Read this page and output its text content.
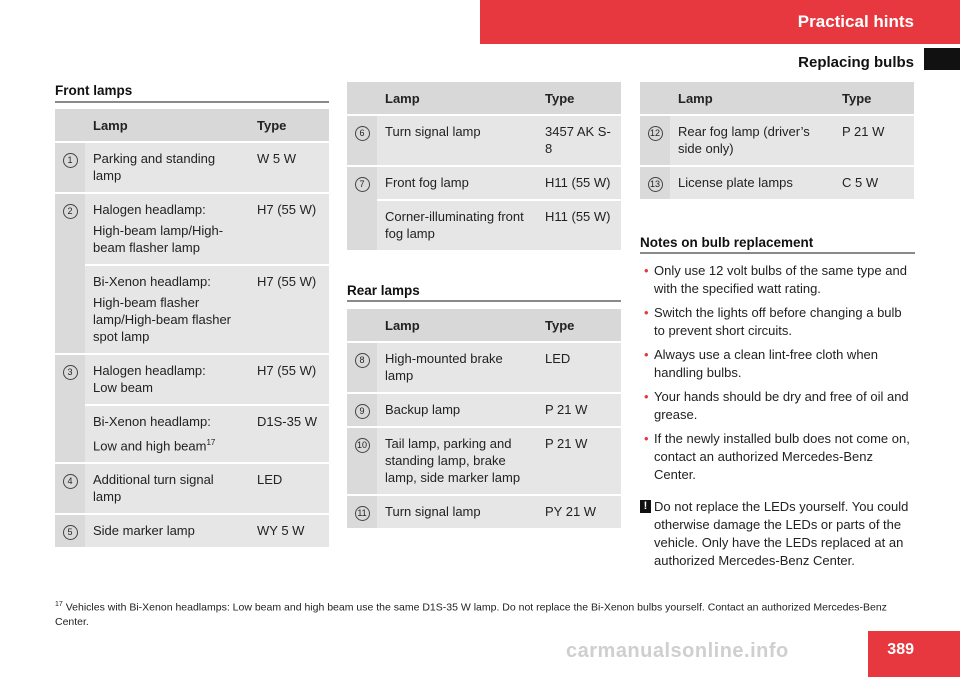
Practical hints
Replacing bulbs
Front lamps
	Lamp	Type
1	Parking and standing lamp	W 5 W
2	Halogen headlamp:
High-beam lamp/High-beam flasher lamp	H7 (55 W)
	Bi-Xenon headlamp:
High-beam flasher lamp/High-beam flasher spot lamp	H7 (55 W)
3	Halogen headlamp:
Low beam	H7 (55 W)
	Bi-Xenon headlamp:
Low and high beam$^{17}$	D1S-35 W
4	Additional turn signal lamp	LED
5	Side marker lamp	WY 5 W
	Lamp	Type
6	Turn signal lamp	3457 AK S-8
7	Front fog lamp	H11 (55 W)
	Corner-illuminating front fog lamp	H11 (55 W)
Rear lamps
	Lamp	Type
8	High-mounted brake lamp	LED
9	Backup lamp	P 21 W
10	Tail lamp, parking and standing lamp, brake lamp, side marker lamp	P 21 W
11	Turn signal lamp	PY 21 W
	Lamp	Type
12	Rear fog lamp (driver’s side only)	P 21 W
13	License plate lamps	C 5 W
Notes on bulb replacement
• Only use 12 volt bulbs of the same type and with the specified watt rating.
• Switch the lights off before changing a bulb to prevent short circuits.
• Always use a clean lint-free cloth when handling bulbs.
• Your hands should be dry and free of oil and grease.
• If the newly installed bulb does not come on, contact an authorized Mercedes-Benz Center.
! Do not replace the LEDs yourself. You could otherwise damage the LEDs or parts of the vehicle. Only have the LEDs replaced at an authorized Mercedes-Benz Center.
$^{17}$ Vehicles with Bi-Xenon headlamps: Low beam and high beam use the same D1S-35 W lamp. Do not replace the Bi-Xenon bulbs yourself. Contact an authorized Mercedes-Benz Center.
carmanualsonline.info	389
